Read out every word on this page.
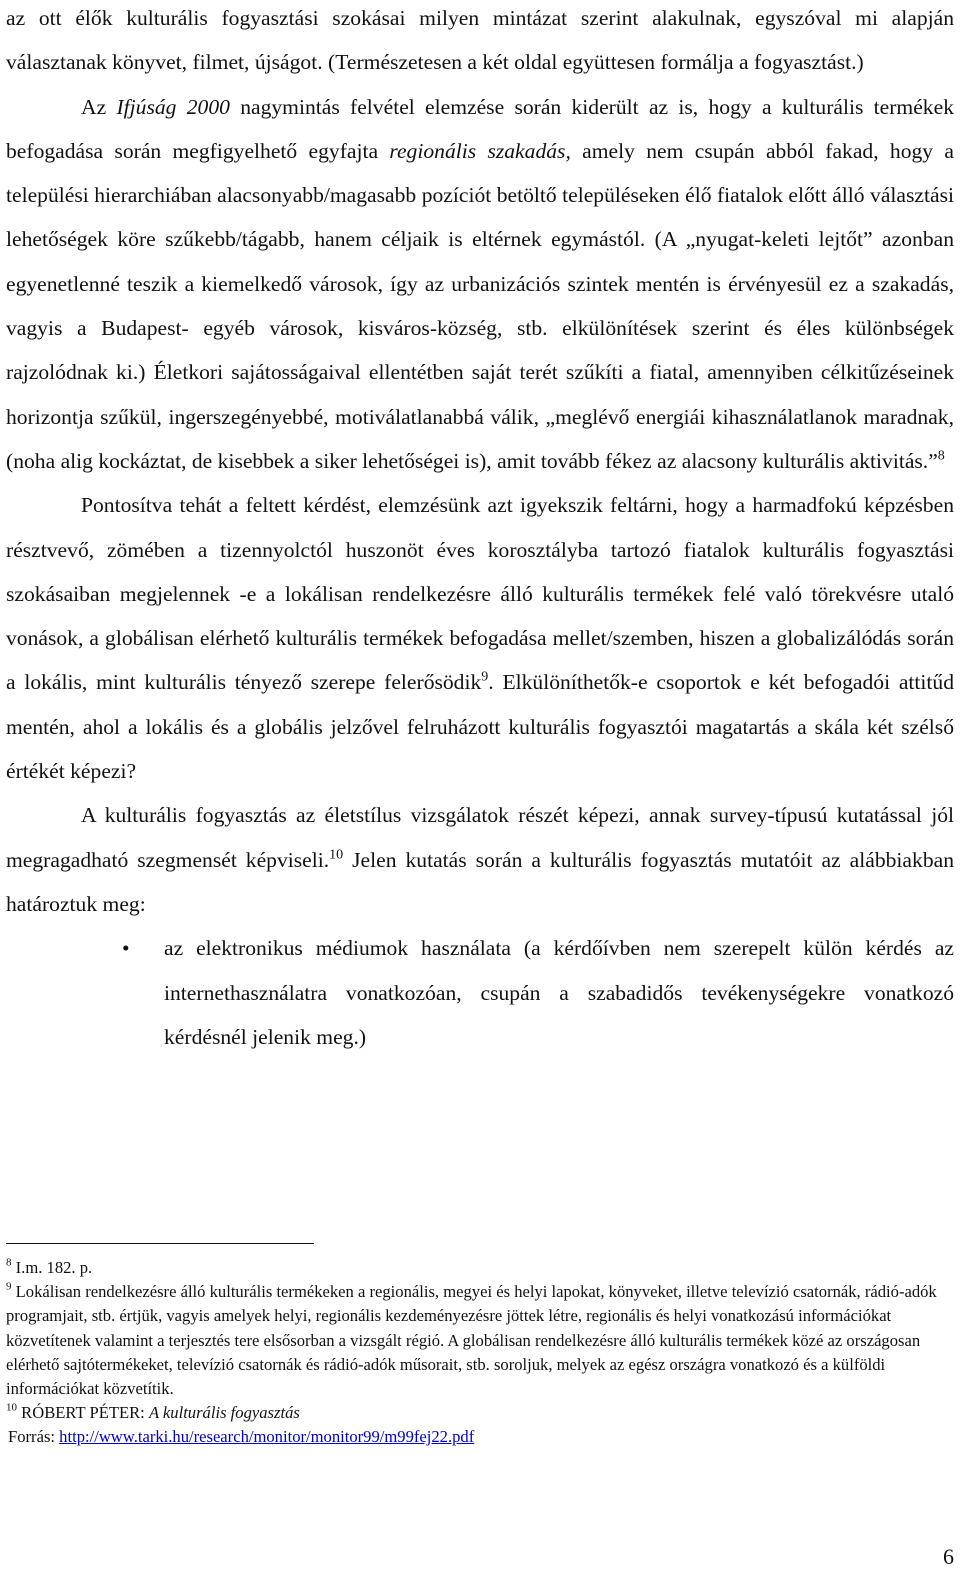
az ott élők kulturális fogyasztási szokásai milyen mintázat szerint alakulnak, egyszóval mi alapján választanak könyvet, filmet, újságot. (Természetesen a két oldal együttesen formálja a fogyasztást.)

Az Ifjúság 2000 nagymintás felvétel elemzése során kiderült az is, hogy a kulturális termékek befogadása során megfigyelhető egyfajta regionális szakadás, amely nem csupán abból fakad, hogy a települési hierarchiában alacsonyabb/magasabb pozíciót betöltő településeken élő fiatalok előtt álló választási lehetőségek köre szűkebb/tágabb, hanem céljaik is eltérnek egymástól. (A „nyugat-keleti lejtőt” azonban egyenetlenné teszik a kiemelkedő városok, így az urbanizációs szintek mentén is érvényesül ez a szakadás, vagyis a Budapest- egyéb városok, kisváros-község, stb. elkülönítések szerint és éles különbségek rajzolódnak ki.) Életkori sajátosságaival ellentétben saját terét szűkíti a fiatal, amennyiben célkitűzéseinek horizontja szűkül, ingerszegényebbé, motiválatlanabbá válik, „meglévő energiái kihasználatlanok maradnak, (noha alig kockáztat, de kisebbek a siker lehetőségei is), amit tovább fékez az alacsony kulturális aktivitás.”$^8$

Pontosítva tehát a feltett kérdést, elemzésünk azt igyekszik feltárni, hogy a harmadfokú képzésben résztvevő, zömében a tizennyolctól huszonöt éves korosztályba tartozó fiatalok kulturális fogyasztási szokásaiban megjelennek -e a lokálisan rendelkezésre álló kulturális termékek felé való törekvésre utaló vonások, a globálisan elérhető kulturális termékek befogadása mellet/szemben, hiszen a globalizálódás során a lokális, mint kulturális tényező szerepe felerősödik$^9$. Elkülöníthetők-e csoportok e két befogadói attitűd mentén, ahol a lokális és a globális jelzővel felruházott kulturális fogyasztói magatartás a skála két szélső értékét képezi?

A kulturális fogyasztás az életstílus vizsgálatok részét képezi, annak survey-típusú kutatással jól megragadható szegmensét képviseli.$^{10}$ Jelen kutatás során a kulturális fogyasztás mutatóit az alábbiakban határoztuk meg:

• az elektronikus médiumok használata (a kérdőívben nem szerepelt külön kérdés az internethasználatra vonatkozóan, csupán a szabadidős tevékenységekre vonatkozó kérdésnél jelenik meg.)

$^8$ I.m. 182. p.

$^9$ Lokálisan rendelkezésre álló kulturális termékeken a regionális, megyei és helyi lapokat, könyveket, illetve televízió csatornák, rádió-adók programjait, stb. értjük, vagyis amelyek helyi, regionális kezdeményezésre jöttek létre, regionális és helyi vonatkozású információkat közvetítenek valamint a terjesztés tere elsősorban a vizsgált régió. A globálisan rendelkezésre álló kulturális termékek közé az országosan elérhető sajtótermékeket, televízió csatornák és rádió-adók műsorait, stb. soroljuk, melyek az egész országra vonatkozó és a külföldi információkat közvetítik.

$^{10}$ RÓBERT PÉTER: A kulturális fogyasztás

Forrás: http://www.tarki.hu/research/monitor/monitor99/m99fej22.pdf

6
